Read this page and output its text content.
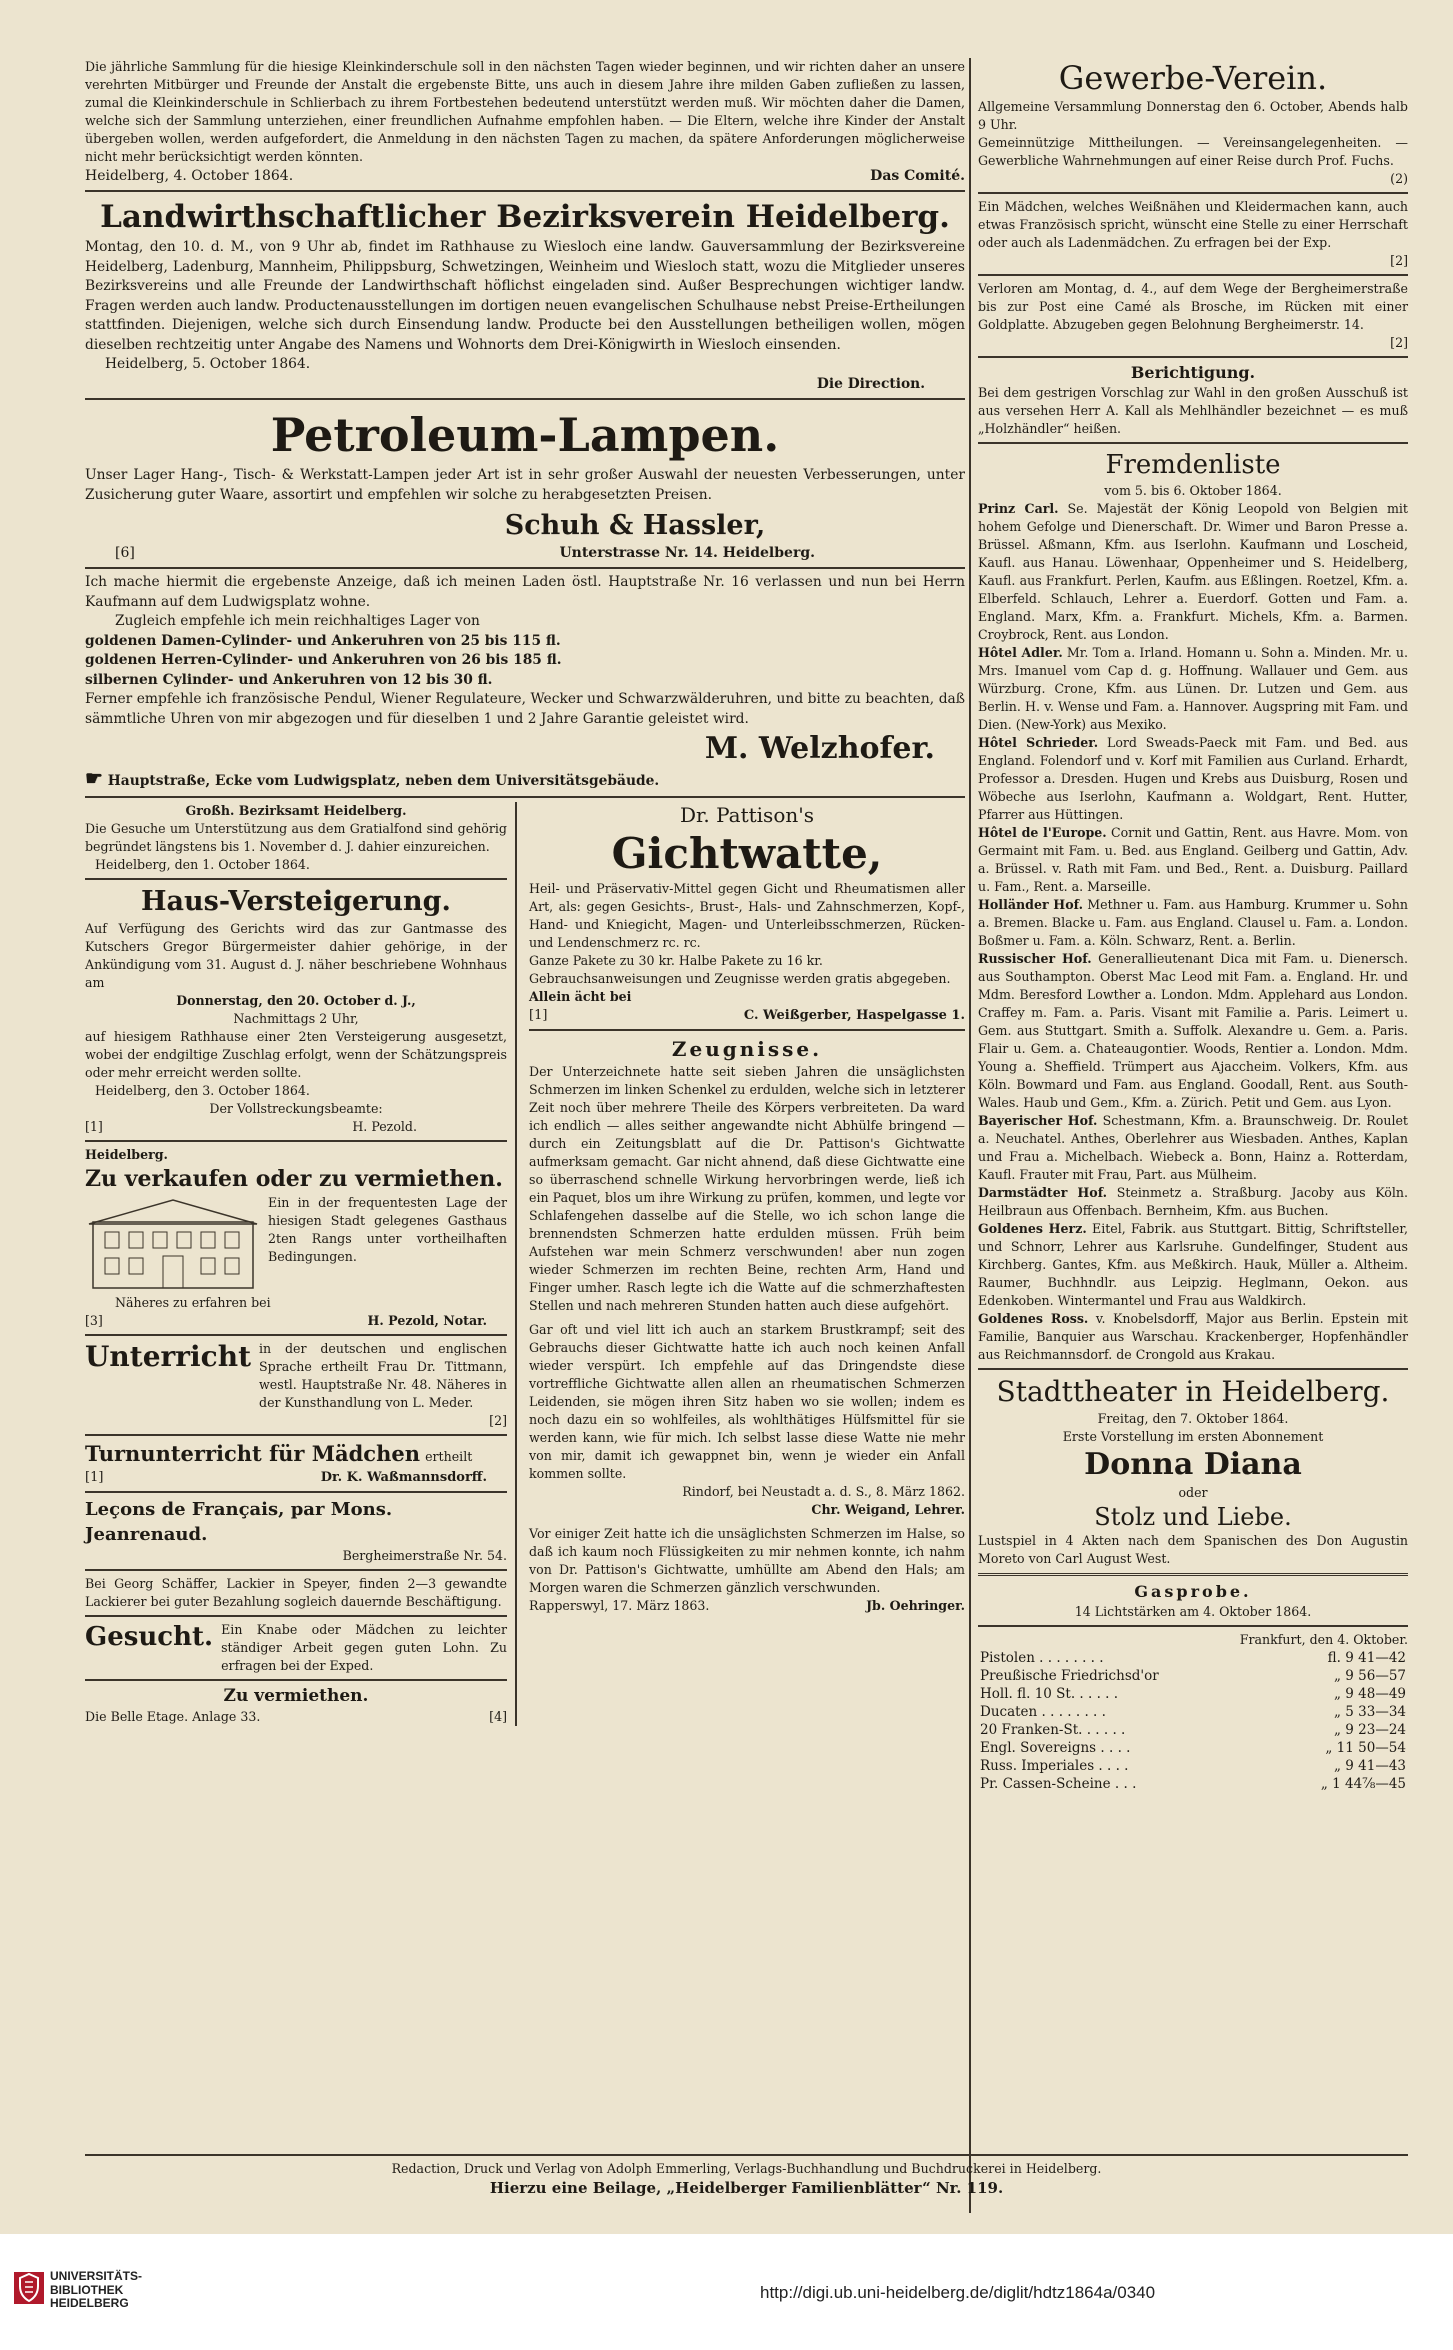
Die jährliche Sammlung für die hiesige Kleinkinderschule soll in den nächsten Tagen wieder beginnen, und wir richten daher an unsere verehrten Mitbürger und Freunde der Anstalt die ergebenste Bitte, uns auch in diesem Jahre ihre milden Gaben zufließen zu lassen, zumal die Kleinkinderschule in Schlierbach zu ihrem Fortbestehen bedeutend unterstützt werden muß. Wir möchten daher die Damen, welche sich der Sammlung unterziehen, einer freundlichen Aufnahme empfohlen haben. — Die Eltern, welche ihre Kinder der Anstalt übergeben wollen, werden aufgefordert, die Anmeldung in den nächsten Tagen zu machen, da spätere Anforderungen möglicherweise nicht mehr berücksichtigt werden könnten.

Heidelberg, 4. October 1864.	Das Comité.
Landwirthschaftlicher Bezirksverein Heidelberg.

Montag, den 10. d. M., von 9 Uhr ab, findet im Rathhause zu Wiesloch eine landw. Gauversammlung der Bezirksvereine Heidelberg, Ladenburg, Mannheim, Philippsburg, Schwetzingen, Weinheim und Wiesloch statt, wozu die Mitglieder unseres Bezirksvereins und alle Freunde der Landwirthschaft höflichst eingeladen sind. Außer Besprechungen wichtiger landw. Fragen werden auch landw. Productenausstellungen im dortigen neuen evangelischen Schulhause nebst Preise-Ertheilungen stattfinden. Diejenigen, welche sich durch Einsendung landw. Producte bei den Ausstellungen betheiligen wollen, mögen dieselben rechtzeitig unter Angabe des Namens und Wohnorts dem Drei-Königwirth in Wiesloch einsenden.

Heidelberg, 5. October 1864.

Die Direction.

Petroleum-Lampen.

Unser Lager Hang-, Tisch- & Werkstatt-Lampen jeder Art ist in sehr großer Auswahl der neuesten Verbesserungen, unter Zusicherung guter Waare, assortirt und empfehlen wir solche zu herabgesetzten Preisen.

Schuh & Hassler,
[6]	Unterstrasse Nr. 14. Heidelberg.

Ich mache hiermit die ergebenste Anzeige, daß ich meinen Laden östl. Hauptstraße Nr. 16 verlassen und nun bei Herrn Kaufmann auf dem Ludwigsplatz wohne.

Zugleich empfehle ich mein reichhaltiges Lager von

goldenen Damen-Cylinder- und Ankeruhren von 25 bis 115 fl.

goldenen Herren-Cylinder- und Ankeruhren von 26 bis 185 fl.

silbernen Cylinder- und Ankeruhren von 12 bis 30 fl.

Ferner empfehle ich französische Pendul, Wiener Regulateure, Wecker und Schwarzwälderuhren, und bitte zu beachten, daß sämmtliche Uhren von mir abgezogen und für dieselben 1 und 2 Jahre Garantie geleistet wird.

M. Welzhofer.

☛ Hauptstraße, Ecke vom Ludwigsplatz, neben dem Universitätsgebäude.

Großh. Bezirksamt Heidelberg.

Die Gesuche um Unterstützung aus dem Gratialfond sind gehörig begründet längstens bis 1. November d. J. dahier einzureichen.

Heidelberg, den 1. October 1864.

Haus-Versteigerung.

Auf Verfügung des Gerichts wird das zur Gantmasse des Kutschers Gregor Bürgermeister dahier gehörige, in der Ankündigung vom 31. August d. J. näher beschriebene Wohnhaus am

Donnerstag, den 20. October d. J.,

Nachmittags 2 Uhr,

auf hiesigem Rathhause einer 2ten Versteigerung ausgesetzt, wobei der endgiltige Zuschlag erfolgt, wenn der Schätzungspreis oder mehr erreicht werden sollte.

Heidelberg, den 3. October 1864.

Der Vollstreckungsbeamte:

[1]	H. Pezold.

Heidelberg.

Zu verkaufen oder zu vermiethen.

Ein in der frequentesten Lage der hiesigen Stadt gelegenes Gasthaus 2ten Rangs unter vortheilhaften Bedingungen.

Näheres zu erfahren bei

[3]	H. Pezold, Notar.
Unterricht in der deutschen und englischen Sprache ertheilt Frau Dr. Tittmann, westl. Hauptstraße Nr. 48. Näheres in der Kunsthandlung von L. Meder.

[2]

Turnunterricht für Mädchen ertheilt

[1]	Dr. K. Waßmannsdorff.

Leçons de Français, par Mons. Jeanrenaud.

Bergheimerstraße Nr. 54.

Bei Georg Schäffer, Lackier in Speyer, finden 2—3 gewandte Lackierer bei guter Bezahlung sogleich dauernde Beschäftigung.

Gesucht. Ein Knabe oder Mädchen zu leichter ständiger Arbeit gegen guten Lohn. Zu erfragen bei der Exped.

Zu vermiethen.

Die Belle Etage. Anlage 33.	[4]

Dr. Pattison's

Gichtwatte,

Heil- und Präservativ-Mittel gegen Gicht und Rheumatismen aller Art, als: gegen Gesichts-, Brust-, Hals- und Zahnschmerzen, Kopf-, Hand- und Kniegicht, Magen- und Unterleibsschmerzen, Rücken- und Lendenschmerz rc. rc.

Ganze Pakete zu 30 kr. Halbe Pakete zu 16 kr.

Gebrauchsanweisungen und Zeugnisse werden gratis abgegeben.

Allein ächt bei

[1]	C. Weißgerber, Haspelgasse 1.

Zeugnisse.

Der Unterzeichnete hatte seit sieben Jahren die unsäglichsten Schmerzen im linken Schenkel zu erdulden, welche sich in letzterer Zeit noch über mehrere Theile des Körpers verbreiteten. Da ward ich endlich — alles seither angewandte nicht Abhülfe bringend — durch ein Zeitungsblatt auf die Dr. Pattison's Gichtwatte aufmerksam gemacht. Gar nicht ahnend, daß diese Gichtwatte eine so überraschend schnelle Wirkung hervorbringen werde, ließ ich ein Paquet, blos um ihre Wirkung zu prüfen, kommen, und legte vor Schlafengehen dasselbe auf die Stelle, wo ich schon lange die brennendsten Schmerzen hatte erdulden müssen. Früh beim Aufstehen war mein Schmerz verschwunden! aber nun zogen wieder Schmerzen im rechten Beine, rechten Arm, Hand und Finger umher. Rasch legte ich die Watte auf die schmerzhaftesten Stellen und nach mehreren Stunden hatten auch diese aufgehört.

Gar oft und viel litt ich auch an starkem Brustkrampf; seit des Gebrauchs dieser Gichtwatte hatte ich auch noch keinen Anfall wieder verspürt. Ich empfehle auf das Dringendste diese vortreffliche Gichtwatte allen allen an rheumatischen Schmerzen Leidenden, sie mögen ihren Sitz haben wo sie wollen; indem es noch dazu ein so wohlfeiles, als wohlthätiges Hülfsmittel für sie werden kann, wie für mich. Ich selbst lasse diese Watte nie mehr von mir, damit ich gewappnet bin, wenn je wieder ein Anfall kommen sollte.

Rindorf, bei Neustadt a. d. S., 8. März 1862.

Chr. Weigand, Lehrer.

Vor einiger Zeit hatte ich die unsäglichsten Schmerzen im Halse, so daß ich kaum noch Flüssigkeiten zu mir nehmen konnte, ich nahm von Dr. Pattison's Gichtwatte, umhüllte am Abend den Hals; am Morgen waren die Schmerzen gänzlich verschwunden.

Rapperswyl, 17. März 1863.	Jb. Oehringer.
Gewerbe-Verein.

Allgemeine Versammlung Donnerstag den 6. October, Abends halb 9 Uhr.

Gemeinnützige Mittheilungen. — Vereinsangelegenheiten. — Gewerbliche Wahrnehmungen auf einer Reise durch Prof. Fuchs.

(2)

Ein Mädchen, welches Weißnähen und Kleidermachen kann, auch etwas Französisch spricht, wünscht eine Stelle zu einer Herrschaft oder auch als Ladenmädchen. Zu erfragen bei der Exp.

[2]

Verloren am Montag, d. 4., auf dem Wege der Bergheimerstraße bis zur Post eine Camé als Brosche, im Rücken mit einer Goldplatte. Abzugeben gegen Belohnung Bergheimerstr. 14.

[2]

Berichtigung.

Bei dem gestrigen Vorschlag zur Wahl in den großen Ausschuß ist aus versehen Herr A. Kall als Mehlhändler bezeichnet — es muß „Holzhändler“ heißen.

Fremdenliste

vom 5. bis 6. Oktober 1864.

Prinz Carl. Se. Majestät der König Leopold von Belgien mit hohem Gefolge und Dienerschaft. Dr. Wimer und Baron Presse a. Brüssel. Aßmann, Kfm. aus Iserlohn. Kaufmann und Loscheid, Kaufl. aus Hanau. Löwenhaar, Oppenheimer und S. Heidelberg, Kaufl. aus Frankfurt. Perlen, Kaufm. aus Eßlingen. Roetzel, Kfm. a. Elberfeld. Schlauch, Lehrer a. Euerdorf. Gotten und Fam. a. England. Marx, Kfm. a. Frankfurt. Michels, Kfm. a. Barmen. Croybrock, Rent. aus London.

Hôtel Adler. Mr. Tom a. Irland. Homann u. Sohn a. Minden. Mr. u. Mrs. Imanuel vom Cap d. g. Hoffnung. Wallauer und Gem. aus Würzburg. Crone, Kfm. aus Lünen. Dr. Lutzen und Gem. aus Berlin. H. v. Wense und Fam. a. Hannover. Augspring mit Fam. und Dien. (New-York) aus Mexiko.

Hôtel Schrieder. Lord Sweads-Paeck mit Fam. und Bed. aus England. Folendorf und v. Korf mit Familien aus Curland. Erhardt, Professor a. Dresden. Hugen und Krebs aus Duisburg, Rosen und Wöbeche aus Iserlohn, Kaufmann a. Woldgart, Rent. Hutter, Pfarrer aus Hüttingen.

Hôtel de l'Europe. Cornit und Gattin, Rent. aus Havre. Mom. von Germaint mit Fam. u. Bed. aus England. Geilberg und Gattin, Adv. a. Brüssel. v. Rath mit Fam. und Bed., Rent. a. Duisburg. Paillard u. Fam., Rent. a. Marseille.

Holländer Hof. Methner u. Fam. aus Hamburg. Krummer u. Sohn a. Bremen. Blacke u. Fam. aus England. Clausel u. Fam. a. London. Boßmer u. Fam. a. Köln. Schwarz, Rent. a. Berlin.

Russischer Hof. Generallieutenant Dica mit Fam. u. Dienersch. aus Southampton. Oberst Mac Leod mit Fam. a. England. Hr. und Mdm. Beresford Lowther a. London. Mdm. Applehard aus London. Craffey m. Fam. a. Paris. Visant mit Familie a. Paris. Leimert u. Gem. aus Stuttgart. Smith a. Suffolk. Alexandre u. Gem. a. Paris. Flair u. Gem. a. Chateaugontier. Woods, Rentier a. London. Mdm. Young a. Sheffield. Trümpert aus Ajaccheim. Volkers, Kfm. aus Köln. Bowmard und Fam. aus England. Goodall, Rent. aus South-Wales. Haub und Gem., Kfm. a. Zürich. Petit und Gem. aus Lyon.

Bayerischer Hof. Schestmann, Kfm. a. Braunschweig. Dr. Roulet a. Neuchatel. Anthes, Oberlehrer aus Wiesbaden. Anthes, Kaplan und Frau a. Michelbach. Wiebeck a. Bonn, Hainz a. Rotterdam, Kaufl. Frauter mit Frau, Part. aus Mülheim.

Darmstädter Hof. Steinmetz a. Straßburg. Jacoby aus Köln. Heilbraun aus Offenbach. Bernheim, Kfm. aus Buchen.

Goldenes Herz. Eitel, Fabrik. aus Stuttgart. Bittig, Schriftsteller, und Schnorr, Lehrer aus Karlsruhe. Gundelfinger, Student aus Kirchberg. Gantes, Kfm. aus Meßkirch. Hauk, Müller a. Altheim. Raumer, Buchhndlr. aus Leipzig. Heglmann, Oekon. aus Edenkoben. Wintermantel und Frau aus Waldkirch.

Goldenes Ross. v. Knobelsdorff, Major aus Berlin. Epstein mit Familie, Banquier aus Warschau. Krackenberger, Hopfenhändler aus Reichmannsdorf. de Crongold aus Krakau.

Stadttheater in Heidelberg.

Freitag, den 7. Oktober 1864.

Erste Vorstellung im ersten Abonnement

Donna Diana

oder

Stolz und Liebe.

Lustspiel in 4 Akten nach dem Spanischen des Don Augustin Moreto von Carl August West.

Gasprobe.

14 Lichtstärken am 4. Oktober 1864.

Frankfurt, den 4. Oktober.

Pistolen . . . . . . . .	fl. 9 41—42
Preußische Friedrichsd'or	„ 9 56—57
Holl. fl. 10 St. . . . . .	„ 9 48—49
Ducaten . . . . . . . .	„ 5 33—34
20 Franken-St. . . . . .	„ 9 23—24
Engl. Sovereigns . . . .	„ 11 50—54
Russ. Imperiales . . . .	„ 9 41—43
Pr. Cassen-Scheine . . .	„ 1 44⅞—45

Redaction, Druck und Verlag von Adolph Emmerling, Verlags-Buchhandlung und Buchdruckerei in Heidelberg.

Hierzu eine Beilage, „Heidelberger Familienblätter“ Nr. 119.

UNIVERSITÄTS-
BIBLIOTHEK
HEIDELBERG
http://digi.ub.uni-heidelberg.de/diglit/hdtz1864a/0340
